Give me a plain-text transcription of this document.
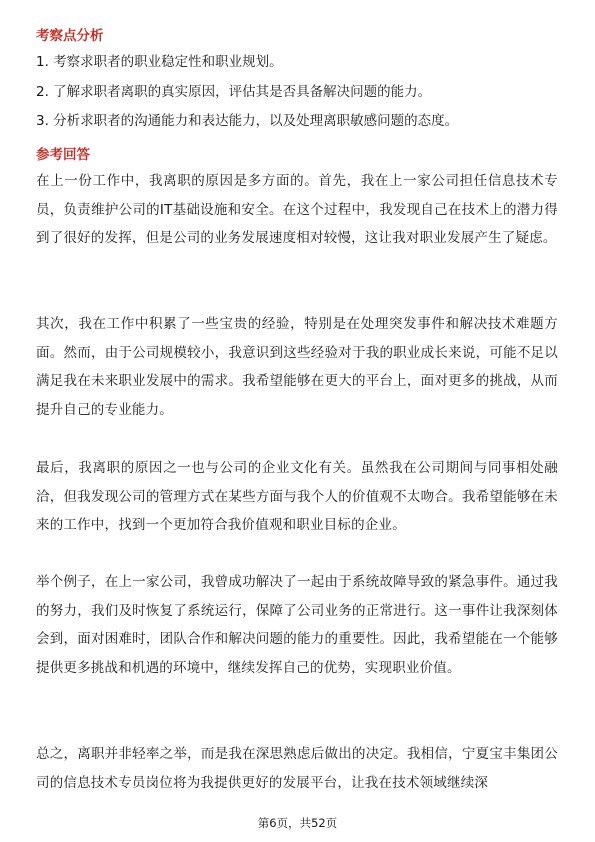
考察点分析

1. 考察求职者的职业稳定性和职业规划。

2. 了解求职者离职的真实原因，评估其是否具备解决问题的能力。

3. 分析求职者的沟通能力和表达能力，以及处理离职敏感问题的态度。

参考回答

在上一份工作中，我离职的原因是多方面的。首先，我在上一家公司担任信息技术专员，负责维护公司的IT基础设施和安全。在这个过程中，我发现自己在技术上的潜力得到了很好的发挥，但是公司的业务发展速度相对较慢，这让我对职业发展产生了疑虑。

其次，我在工作中积累了一些宝贵的经验，特别是在处理突发事件和解决技术难题方面。然而，由于公司规模较小，我意识到这些经验对于我的职业成长来说，可能不足以满足我在未来职业发展中的需求。我希望能够在更大的平台上，面对更多的挑战，从而提升自己的专业能力。

最后，我离职的原因之一也与公司的企业文化有关。虽然我在公司期间与同事相处融洽，但我发现公司的管理方式在某些方面与我个人的价值观不太吻合。我希望能够在未来的工作中，找到一个更加符合我价值观和职业目标的企业。

举个例子，在上一家公司，我曾成功解决了一起由于系统故障导致的紧急事件。通过我的努力，我们及时恢复了系统运行，保障了公司业务的正常进行。这一事件让我深刻体会到，面对困难时，团队合作和解决问题的能力的重要性。因此，我希望能在一个能够提供更多挑战和机遇的环境中，继续发挥自己的优势，实现职业价值。

总之，离职并非轻率之举，而是我在深思熟虑后做出的决定。我相信，宁夏宝丰集团公司的信息技术专员岗位将为我提供更好的发展平台，让我在技术领域继续深

第6页，共52页
